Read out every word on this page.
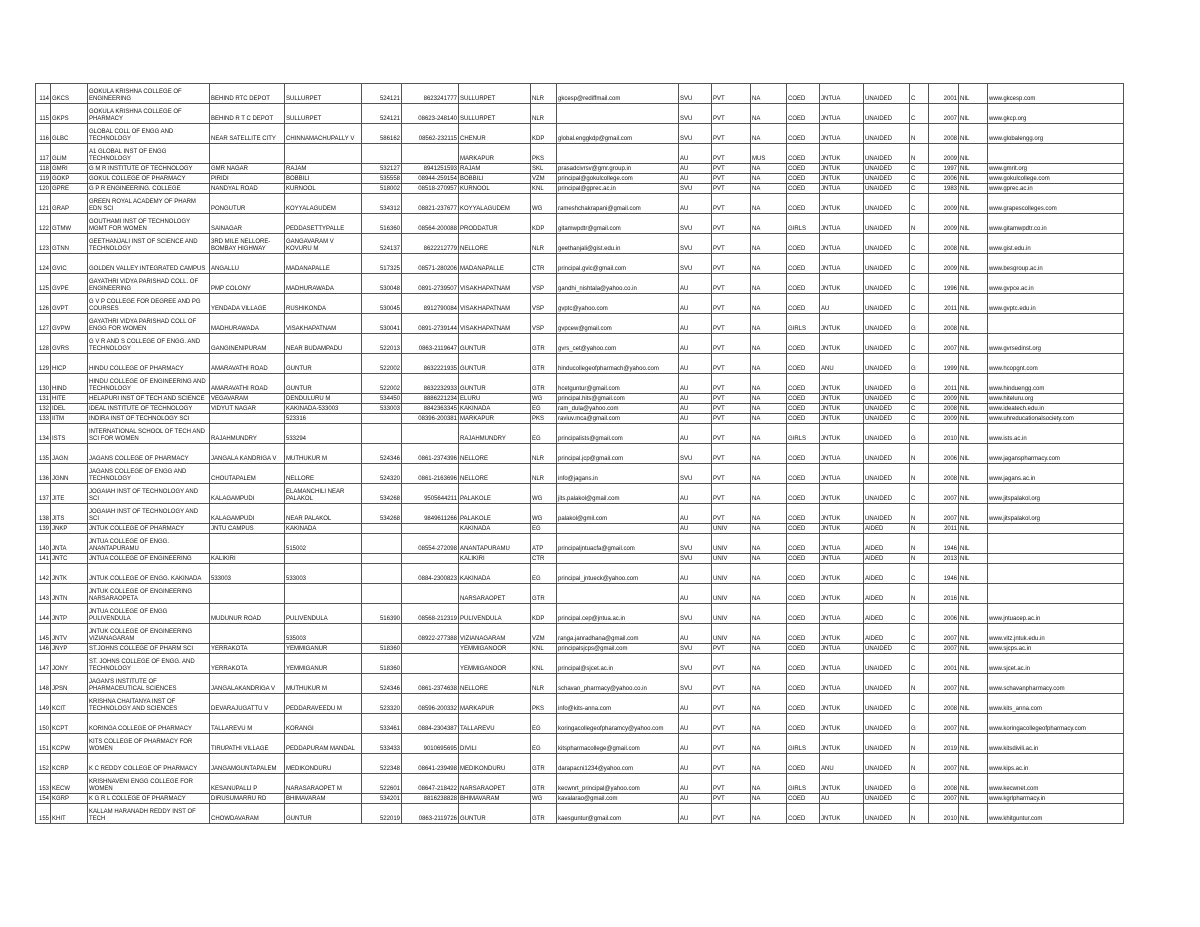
114	GKCS	GOKULA KRISHNA COLLEGE OF ENGINEERING	BEHIND RTC DEPOT	SULLURPET	524121	8623241777	SULLURPET	NLR	gkcesp@rediffmail.com	SVU	PVT	NA	COED	JNTUA	UNAIDED	C	2001	NIL	www.gkcesp.com
115	GKPS	GOKULA KRISHNA COLLEGE OF PHARMACY	BEHIND R T C DEPOT	SULLURPET	524121	08623-248140	SULLURPET	NLR		SVU	PVT	NA	COED	JNTUA	UNAIDED	C	2007	NIL	www.gkcp.org
116	GLBC	GLOBAL COLL OF ENGG AND TECHNOLOGY	NEAR SATELLITE CITY	CHINNAMACHUPALLY V	586162	08562-232115	CHENUR	KDP	global.enggkdp@gmail.com	SVU	PVT	NA	COED	JNTUA	UNAIDED	N	2008	NIL	www.globalengg.org
117	GLIM	A1 GLOBAL INST OF ENGG TECHNOLOGY					MARKAPUR	PKS		AU	PVT	MUS	COED	JNTUK	UNAIDED	N	2009	NIL	
118	GMRI	G M R INSTITUTE OF TECHNOLOGY	GMR NAGAR	RAJAM	532127	8941251593	RAJAM	SKL	prasadcivrsv@gmr.group.in	AU	PVT	NA	COED	JNTUK	UNAIDED	C	1997	NIL	www.gmrit.org
119	GOKP	GOKUL COLLEGE OF PHARMACY	PIRIDI	BOBBILI	535558	08944-259154	BOBBILI	VZM	principal@gokulcollege.com	AU	PVT	NA	COED	JNTUK	UNAIDED	C	2006	NIL	www.gokulcollege.com
120	GPRE	G P R ENGINEERING. COLLEGE	NANDYAL ROAD	KURNOOL	518002	08518-270957	KURNOOL	KNL	principal@gprec.ac.in	SVU	PVT	NA	COED	JNTUA	UNAIDED	C	1983	NIL	www.gprec.ac.in
121	GRAP	GREEN ROYAL ACADEMY OF PHARM EDN SCI	PONGUTUR	KOYYALAGUDEM	534312	08821-237677	KOYYALAGUDEM	WG	rameshchakrapani@gmail.com	AU	PVT	NA	COED	JNTUK	UNAIDED	C	2009	NIL	www.grapescolleges.com
122	GTMW	GOUTHAMI INST OF TECHNOLOGY MGMT FOR WOMEN	SAINAGAR	PEDDASETTYPALLE	516360	08564-200088	PRODDATUR	KDP	gitamwpdtr@gmail.com	SVU	PVT	NA	GIRLS	JNTUA	UNAIDED	N	2009	NIL	www.gitamwpdtr.co.in
123	GTNN	GEETHANJALI INST OF SCIENCE AND TECHNOLOGY	3RD MILE NELLORE-BOMBAY HIGHWAY	GANGAVARAM V KOVURU M	524137	8622212779	NELLORE	NLR	geethanjali@gist.edu.in	SVU	PVT	NA	COED	JNTUA	UNAIDED	C	2008	NIL	www.gist.edu.in
124	GVIC	GOLDEN VALLEY INTEGRATED CAMPUS	ANGALLU	MADANAPALLE	517325	08571-280206	MADANAPALLE	CTR	principal.gvic@gmail.com	SVU	PVT	NA	COED	JNTUA	UNAIDED	C	2009	NIL	www.besgroup.ac.in
125	GVPE	GAYATHRI VIDYA PARISHAD COLL. OF ENGINEERING	PMP COLONY	MADHURAWADA	530048	0891-2739507	VISAKHAPATNAM	VSP	gandhi_nishtala@yahoo.co.in	AU	PVT	NA	COED	JNTUK	UNAIDED	C	1996	NIL	www.gvpce.ac.in
126	GVPT	G V P COLLEGE FOR DEGREE AND PG COURSES	YENDADA VILLAGE	RUSHIKONDA	530045	8912790084	VISAKHAPATNAM	VSP	gvptc@yahoo.com	AU	PVT	NA	COED	AU	UNAIDED	C	2011	NIL	www.gvptc.edu.in
127	GVPW	GAYATHRI VIDYA PARISHAD COLL OF ENGG FOR WOMEN	MADHURAWADA	VISAKHAPATNAM	530041	0891-2739144	VISAKHAPATNAM	VSP	gvpcew@gmail.com	AU	PVT	NA	GIRLS	JNTUK	UNAIDED	G	2008	NIL	
128	GVRS	G V R AND S COLLEGE OF ENGG. AND TECHNOLOGY	GANGINENIPURAM	NEAR BUDAMPADU	522013	0863-2119647	GUNTUR	GTR	gvrs_cet@yahoo.com	AU	PVT	NA	COED	JNTUK	UNAIDED	C	2007	NIL	www.gvrsedinst.org
129	HICP	HINDU COLLEGE OF PHARMACY	AMARAVATHI ROAD	GUNTUR	522002	8632221935	GUNTUR	GTR	hinducollegeofpharmach@yahoo.com	AU	PVT	NA	COED	ANU	UNAIDED	G	1999	NIL	www.hcopgnt.com
130	HIND	HINDU COLLEGE OF ENGINEERING AND TECHNOLOGY	AMARAVATHI ROAD	GUNTUR	522002	8632232933	GUNTUR	GTR	hcetguntur@gmail.com	AU	PVT	NA	COED	JNTUK	UNAIDED	G	2011	NIL	www.hinduengg.com
131	HITE	HELAPURI INST OF TECH AND SCIENCE	VEGAVARAM	DENDULURU M	534450	8886221234	ELURU	WG	principal.hits@gmail.com	AU	PVT	NA	COED	JNTUK	UNAIDED	C	2009	NIL	www.hiteluru.org
132	IDEL	IDEAL INSTITUTE OF TECHNOLOGY	VIDYUT NAGAR	KAKINADA-533003	533003	8842363345	KAKINADA	EG	ram_dula@yahoo.com	AU	PVT	NA	COED	JNTUK	UNAIDED	C	2008	NIL	www.ideatech.edu.in
133	IITM	INDIRA INST OF TECHNOLOGY SCI		523316		08396-200381	MARKAPUR	PKS	raviuv.mca@gmail.com	AU	PVT	NA	COED	JNTUK	UNAIDED	C	2009	NIL	www.uhreducationalsociety.com
134	ISTS	INTERNATIONAL SCHOOL OF TECH AND SCI FOR WOMEN	RAJAHMUNDRY	533294			RAJAHMUNDRY	EG	principalists@gmail.com	AU	PVT	NA	GIRLS	JNTUK	UNAIDED	G	2010	NIL	www.ists.ac.in
135	JAGN	JAGANS COLLEGE OF PHARMACY	JANGALA KANDRIGA V	MUTHUKUR M	524346	0861-2374396	NELLORE	NLR	principal.jcp@gmail.com	SVU	PVT	NA	COED	JNTUA	UNAIDED	N	2006	NIL	www.jaganspharmacy.com
136	JGNN	JAGANS COLLEGE OF ENGG AND TECHNOLOGY	CHOUTAPALEM	NELLORE	524320	0861-2163696	NELLORE	NLR	info@jagans.in	SVU	PVT	NA	COED	JNTUA	UNAIDED	N	2008	NIL	www.jagans.ac.in
137	JITE	JOGAIAH INST OF TECHNOLOGY AND SCI	KALAGAMPUDI	ELAMANCHILI NEAR PALAKOL	534268	9505644211	PALAKOLE	WG	jits.palakol@gmail.com	AU	PVT	NA	COED	JNTUK	UNAIDED	C	2007	NIL	www.jitspalakol.org
138	JITS	JOGAIAH INST OF TECHNOLOGY AND SCI	KALAGAMPUDI	NEAR PALAKOL	534268	9849611266	PALAKOLE	WG	palakol@gmil.com	AU	PVT	NA	COED	JNTUK	UNAIDED	N	2007	NIL	www.jitspalakol.org
139	JNKP	JNTUK COLLEGE OF PHARMACY	JNTU CAMPUS	KAKINADA			KAKINADA	EG		AU	UNIV	NA	COED	JNTUK	AIDED	N	2011	NIL	
140	JNTA	JNTUA COLLEGE OF ENGG. ANANTAPURAMU		515002		08554-272098	ANANTAPURAMU	ATP	principaljntuacfa@gmail.com	SVU	UNIV	NA	COED	JNTUA	AIDED	N	1946	NIL	
141	JNTC	JNTUA COLLEGE OF ENGINEERING	KALIKIRI				KALIKIRI	CTR		SVU	UNIV	NA	COED	JNTUA	AIDED	N	2013	NIL	
142	JNTK	JNTUK COLLEGE OF ENGG. KAKINADA	533003	533003		0884-2300823	KAKINADA	EG	principal_jntueck@yahoo.com	AU	UNIV	NA	COED	JNTUK	AIDED	C	1946	NIL	
143	JNTN	JNTUK COLLEGE OF ENGINEERING NARSARAOPETA					NARSARAOPET	GTR		AU	UNIV	NA	COED	JNTUK	AIDED	N	2016	NIL	
144	JNTP	JNTUA COLLEGE OF ENGG PULIVENDULA	MUDUNUR ROAD	PULIVENDULA	516390	08568-212319	PULIVENDULA	KDP	principal.cep@jntua.ac.in	SVU	UNIV	NA	COED	JNTUA	AIDED	C	2006	NIL	www.jntuacep.ac.in
145	JNTV	JNTUK COLLEGE OF ENGINEERING VIZIANAGARAM		535003		08922-277388	VIZIANAGARAM	VZM	ranga.janradhana@gmail.com	AU	UNIV	NA	COED	JNTUK	AIDED	C	2007	NIL	www.vitz.jntuk.edu.in
146	JNYP	ST.JOHNS COLLEGE OF PHARM SCI	YERRAKOTA	YEMMIGANUR	518360		YEMMIGANOOR	KNL	principalsjcps@gmail.com	SVU	PVT	NA	COED	JNTUA	UNAIDED	C	2007	NIL	www.sjcps.ac.in
147	JONY	ST. JOHNS COLLEGE OF ENGG. AND TECHNOLOGY	YERRAKOTA	YEMMIGANUR	518360		YEMMIGANOOR	KNL	principal@sjcet.ac.in	SVU	PVT	NA	COED	JNTUA	UNAIDED	C	2001	NIL	www.sjcet.ac.in
148	JPSN	JAGAN'S INSTITUTE OF PHARMACEUTICAL SCIENCES	JANGALAKANDRIGA V	MUTHUKUR M	524346	0861-2374638	NELLORE	NLR	schavan_pharmacy@yahoo.co.in	SVU	PVT	NA	COED	JNTUA	UNAIDED	N	2007	NIL	www.schavanpharmacy.com
149	KCIT	KRISHNA CHAITANYA INST OF TECHNOLOGY AND SCIENCES	DEVARAJUGATTU V	PEDDARAVEEDU M	523320	08596-200332	MARKAPUR	PKS	info@kits-anna.com	AU	PVT	NA	COED	JNTUK	UNAIDED	C	2008	NIL	www.kits_anna.com
150	KCPT	KORINGA COLLEGE OF PHARMACY	TALLAREVU M	KORANGI	533461	0884-2304387	TALLAREVU	EG	koringacollegeofpharamcy@yahoo.com	AU	PVT	NA	COED	JNTUK	UNAIDED	G	2007	NIL	www.koringacollegeofpharmacy.com
151	KCPW	KITS COLLEGE OF PHARMACY FOR WOMEN	TIRUPATHI VILLAGE	PEDDAPURAM MANDAL	533433	9010695695	DIVILI	EG	kitspharmacollege@gmail.com	AU	PVT	NA	GIRLS	JNTUK	UNAIDED	N	2019	NIL	www.kitsdivili.ac.in
152	KCRP	K C REDDY COLLEGE OF PHARMACY	JANGAMGUNTAPALEM	MEDIKONDURU	522348	08641-239498	MEDIKONDURU	GTR	darapacni1234@yahoo.com	AU	PVT	NA	COED	ANU	UNAIDED	N	2007	NIL	www.kips.ac.in
153	KECW	KRISHNAVENI ENGG COLLEGE FOR WOMEN	KESANUPALLI P	NARASARAOPET M	522601	08647-218422	NARSARAOPET	GTR	kecwnrt_principal@yahoo.com	AU	PVT	NA	GIRLS	JNTUK	UNAIDED	G	2008	NIL	www.kecwnet.com
154	KGRP	K G R L COLLEGE OF PHARMACY	DIRUSUMARRU RD	BHIMAVARAM	534201	8816238828	BHIMAVARAM	WG	kavalarao@gmail.com	AU	PVT	NA	COED	AU	UNAIDED	C	2007	NIL	www.kgrlpharmacy.in
155	KHIT	KALLAM HARANADH REDDY INST OF TECH	CHOWDAVARAM	GUNTUR	522019	0863-2119726	GUNTUR	GTR	kaesguntur@gmail.com	AU	PVT	NA	COED	JNTUK	UNAIDED	N	2010	NIL	www.khitguntur.com
